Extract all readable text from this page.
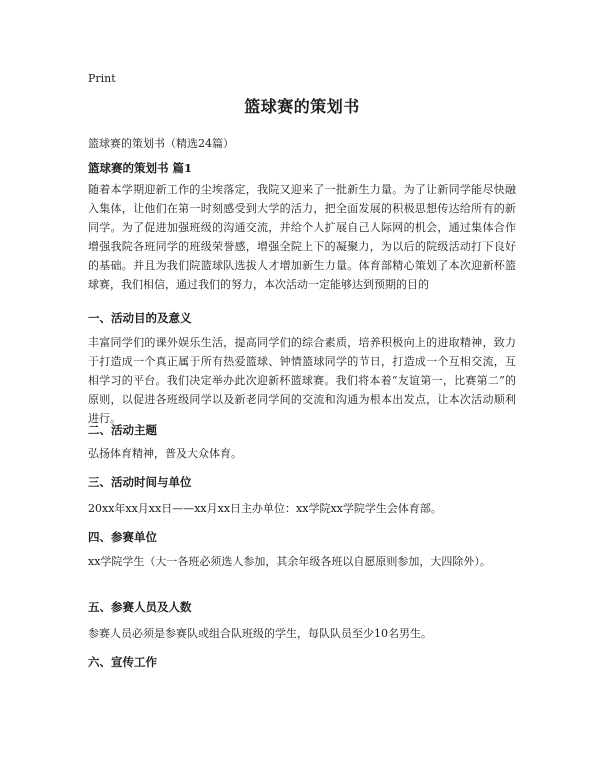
Print
篮球赛的策划书
篮球赛的策划书（精选24篇）
篮球赛的策划书 篇1
随着本学期迎新工作的尘埃落定，我院又迎来了一批新生力量。为了让新同学能尽快融入集体，让他们在第一时刻感受到大学的活力，把全面发展的积极思想传达给所有的新同学。为了促进加强班级的沟通交流，并给个人扩展自己人际网的机会，通过集体合作增强我院各班同学的班级荣誉感，增强全院上下的凝聚力，为以后的院级活动打下良好的基础。并且为我们院篮球队选拔人才增加新生力量。体育部精心策划了本次迎新杯篮球赛，我们相信，通过我们的努力，本次活动一定能够达到预期的目的
一、活动目的及意义
丰富同学们的课外娱乐生活，提高同学们的综合素质，培养积极向上的进取精神，致力于打造成一个真正属于所有热爱篮球、钟情篮球同学的节日，打造成一个互相交流，互相学习的平台。我们决定举办此次迎新杯篮球赛。我们将本着“友谊第一，比赛第二”的原则，以促进各班级同学以及新老同学间的交流和沟通为根本出发点，让本次活动顺利进行。
二、活动主题
弘扬体育精神，普及大众体育。
三、活动时间与单位
20xx年xx月xx日——xx月xx日主办单位：xx学院xx学院学生会体育部。
四、参赛单位
xx学院学生（大一各班必须选人参加，其余年级各班以自愿原则参加，大四除外）。
五、参赛人员及人数
参赛人员必须是参赛队或组合队班级的学生，每队队员至少10名男生。
六、宣传工作
